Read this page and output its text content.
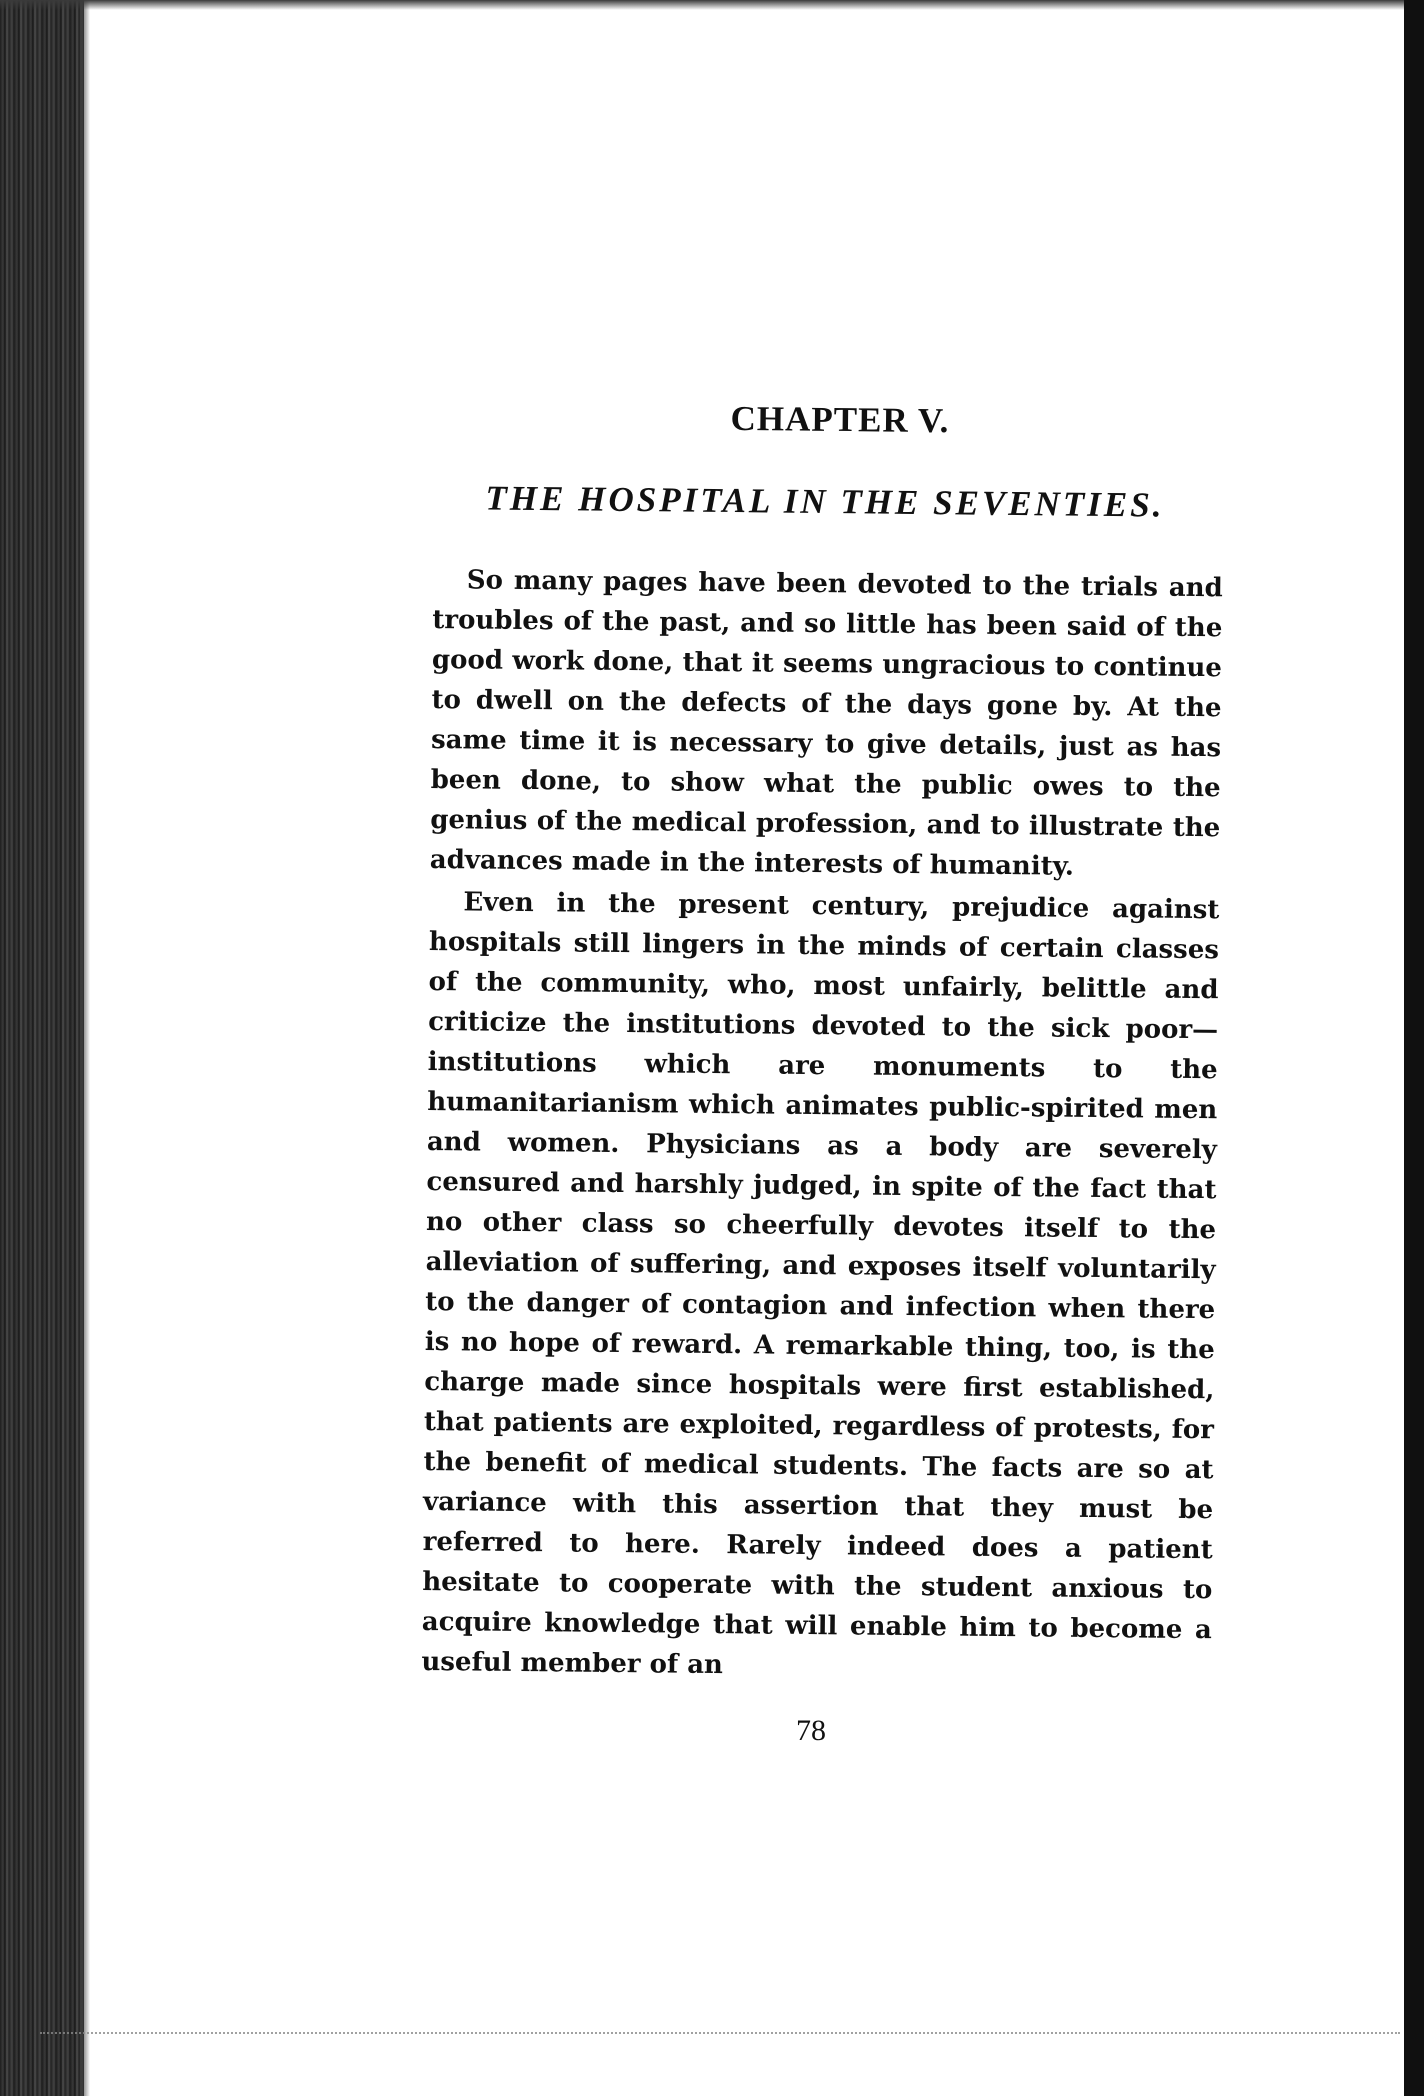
CHAPTER V.
THE HOSPITAL IN THE SEVENTIES.

So many pages have been devoted to the trials and troubles of the past, and so little has been said of the good work done, that it seems ungracious to continue to dwell on the defects of the days gone by. At the same time it is necessary to give details, just as has been done, to show what the public owes to the genius of the medical profession, and to illustrate the advances made in the interests of humanity.

Even in the present century, prejudice against hospitals still lingers in the minds of certain classes of the community, who, most unfairly, belittle and criticize the institutions devoted to the sick poor—institutions which are monuments to the humanitarianism which animates public-spirited men and women. Physicians as a body are severely censured and harshly judged, in spite of the fact that no other class so cheerfully devotes itself to the alleviation of suffering, and exposes itself voluntarily to the danger of contagion and infection when there is no hope of reward. A remarkable thing, too, is the charge made since hospitals were first established, that patients are exploited, regardless of protests, for the benefit of medical students. The facts are so at variance with this assertion that they must be referred to here. Rarely indeed does a patient hesitate to cooperate with the student anxious to acquire knowledge that will enable him to become a useful member of an

78
